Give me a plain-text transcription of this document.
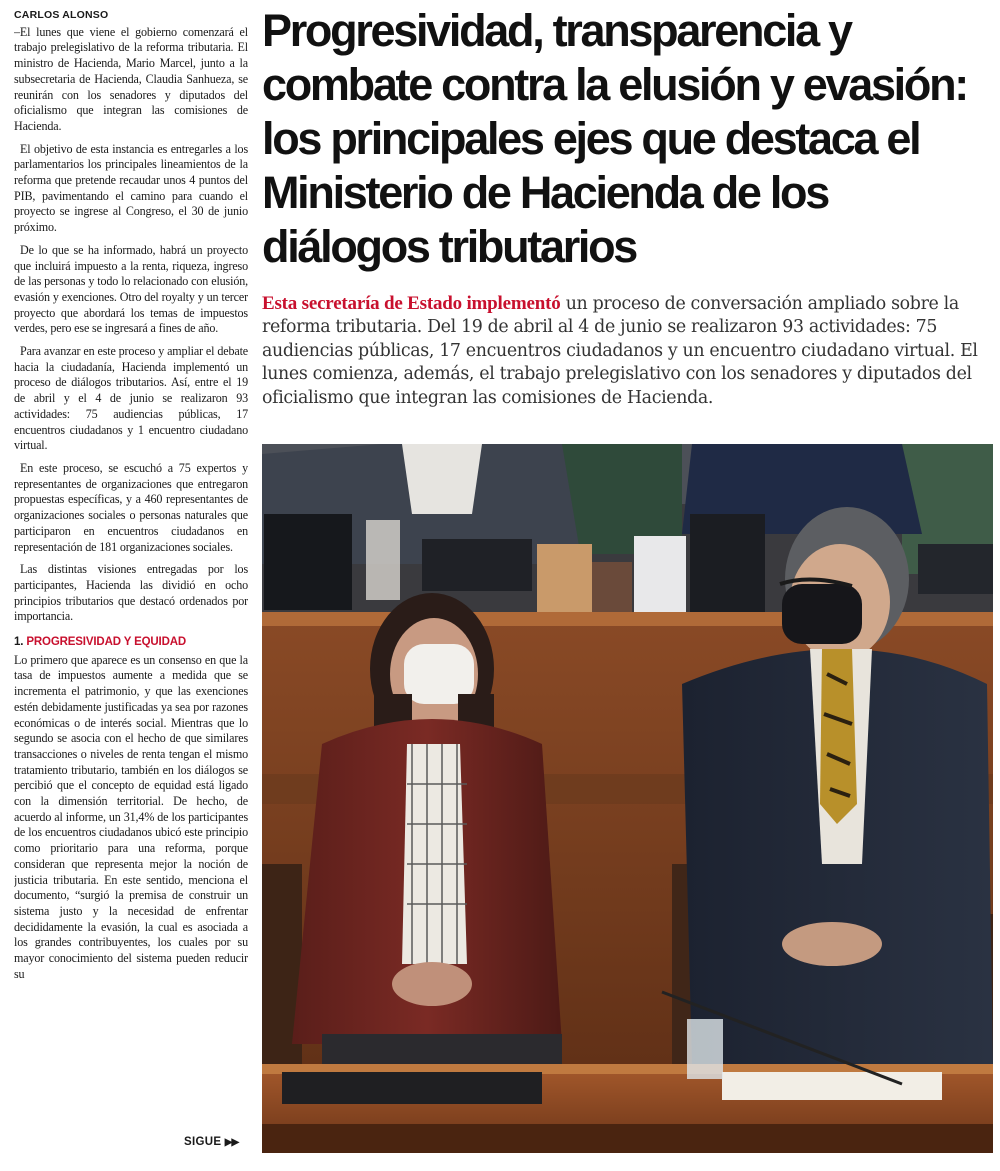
CARLOS ALONSO

–El lunes que viene el gobierno comenzará el trabajo prelegislativo de la reforma tributaria. El ministro de Hacienda, Mario Marcel, junto a la subsecretaria de Hacienda, Claudia Sanhueza, se reunirán con los senadores y diputados del oficialismo que integran las comisiones de Hacienda.

El objetivo de esta instancia es entregarles a los parlamentarios los principales lineamientos de la reforma que pretende recaudar unos 4 puntos del PIB, pavimentando el camino para cuando el proyecto se ingrese al Congreso, el 30 de junio próximo.

De lo que se ha informado, habrá un proyecto que incluirá impuesto a la renta, riqueza, ingreso de las personas y todo lo relacionado con elusión, evasión y exenciones. Otro del royalty y un tercer proyecto que abordará los temas de impuestos verdes, pero ese se ingresará a fines de año.

Para avanzar en este proceso y ampliar el debate hacia la ciudadanía, Hacienda implementó un proceso de diálogos tributarios. Así, entre el 19 de abril y el 4 de junio se realizaron 93 actividades: 75 audiencias públicas, 17 encuentros ciudadanos y 1 encuentro ciudadano virtual.

En este proceso, se escuchó a 75 expertos y representantes de organizaciones que entregaron propuestas específicas, y a 460 representantes de organizaciones sociales o personas naturales que participaron en encuentros ciudadanos en representación de 181 organizaciones sociales.

Las distintas visiones entregadas por los participantes, Hacienda las dividió en ocho principios tributarios que destacó ordenados por importancia.

1. PROGRESIVIDAD Y EQUIDAD

Lo primero que aparece es un consenso en que la tasa de impuestos aumente a medida que se incrementa el patrimonio, y que las exenciones estén debidamente justificadas ya sea por razones económicas o de interés social. Mientras que lo segundo se asocia con el hecho de que similares transacciones o niveles de renta tengan el mismo tratamiento tributario, también en los diálogos se percibió que el concepto de equidad está ligado con la dimensión territorial. De hecho, de acuerdo al informe, un 31,4% de los participantes de los encuentros ciudadanos ubicó este principio como prioritario para una reforma, porque consideran que representa mejor la noción de justicia tributaria. En este sentido, menciona el documento, “surgió la premisa de construir un sistema justo y la necesidad de enfrentar decididamente la evasión, la cual es asociada a los grandes contribuyentes, los cuales por su mayor conocimiento del sistema pueden reducir su

SIGUE ▶▶
Progresividad, transparencia y combate contra la elusión y evasión: los principales ejes que destaca el Ministerio de Hacienda de los diálogos tributarios

Esta secretaría de Estado implementó un proceso de conversación ampliado sobre la reforma tributaria. Del 19 de abril al 4 de junio se realizaron 93 actividades: 75 audiencias públicas, 17 encuentros ciudadanos y un encuentro ciudadano virtual. El lunes comienza, además, el trabajo prelegislativo con los senadores y diputados del oficialismo que integran las comisiones de Hacienda.
